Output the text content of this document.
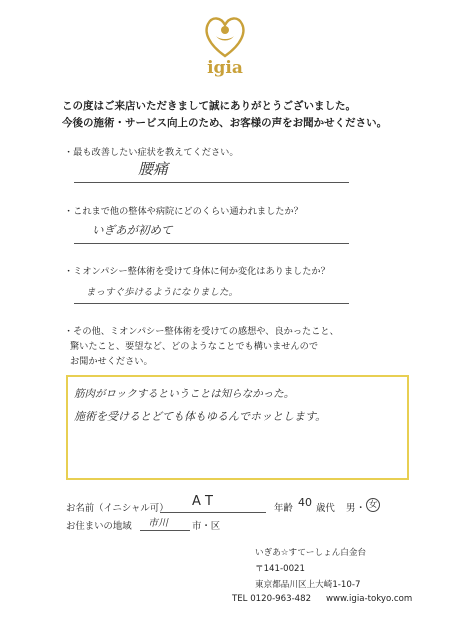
igia
この度はご来店いただきまして誠にありがとうございました。
今後の施術・サービス向上のため、お客様の声をお聞かせください。
・最も改善したい症状を教えてください。
腰痛
・これまで他の整体や病院にどのくらい通われましたか？
いぎあが初めて
・ミオンパシー整体術を受けて身体に何か変化はありましたか？
まっすぐ歩けるようになりました。
・その他、ミオンパシー整体術を受けての感想や、良かったこと、
驚いたこと、要望など、どのようなことでも構いませんので
お聞かせください。
筋肉がロックするということは知らなかった。
施術を受けるとどても体もゆるんでホッとします。
お名前（イニシャル可） A T	年齢 40 歳代 男 ・ 女
お住まいの地域 市川	市・区
いぎあ☆すてーしょん白金台
〒141-0021
東京都品川区上大崎1-10-7
TEL 0120-963-482 www.igia-tokyo.com
